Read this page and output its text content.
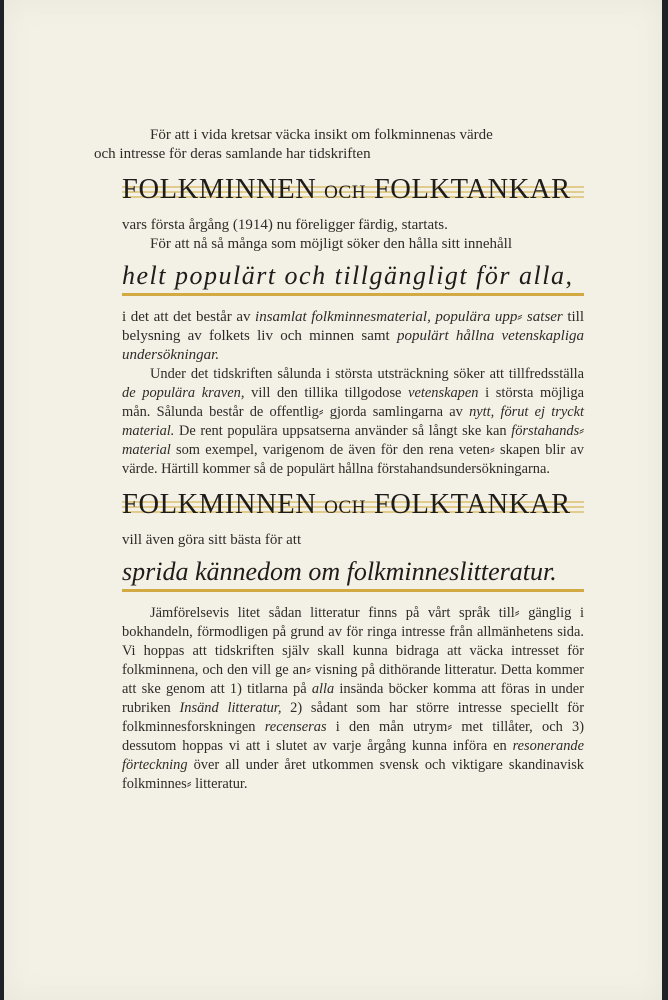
För att i vida kretsar väcka insikt om folkminnenas värde
och intresse för deras samlande har tidskriften

FOLKMINNEN OCH FOLKTANKAR

vars första årgång (1914) nu föreligger färdig, startats.

För att nå så många som möjligt söker den hålla sitt innehåll

helt populärt och tillgängligt för alla,

i det att det består av insamlat folkminnesmaterial, populära upp⸗ satser till belysning av folkets liv och minnen samt populärt hållna vetenskapliga undersökningar.

Under det tidskriften sålunda i största utsträckning söker att tillfredsställa de populära kraven, vill den tillika tillgodose vetenskapen i största möjliga mån. Sålunda består de offentlig⸗ gjorda samlingarna av nytt, förut ej tryckt material. De rent populära uppsatserna använder så långt ske kan förstahands⸗ material som exempel, varigenom de även för den rena veten⸗ skapen blir av värde. Härtill kommer så de populärt hållna förstahandsundersökningarna.

FOLKMINNEN OCH FOLKTANKAR

vill även göra sitt bästa för att

sprida kännedom om folkminneslitteratur.

Jämförelsevis litet sådan litteratur finns på vårt språk till⸗ gänglig i bokhandeln, förmodligen på grund av för ringa intresse från allmänhetens sida. Vi hoppas att tidskriften själv skall kunna bidraga att väcka intresset för folkminnena, och den vill ge an⸗ visning på dithörande litteratur. Detta kommer att ske genom att 1) titlarna på alla insända böcker komma att föras in under rubriken Insänd litteratur, 2) sådant som har större intresse speciellt för folkminnesforskningen recenseras i den mån utrym⸗ met tillåter, och 3) dessutom hoppas vi att i slutet av varje årgång kunna införa en resonerande förteckning över all under året utkommen svensk och viktigare skandinavisk folkminnes⸗ litteratur.
